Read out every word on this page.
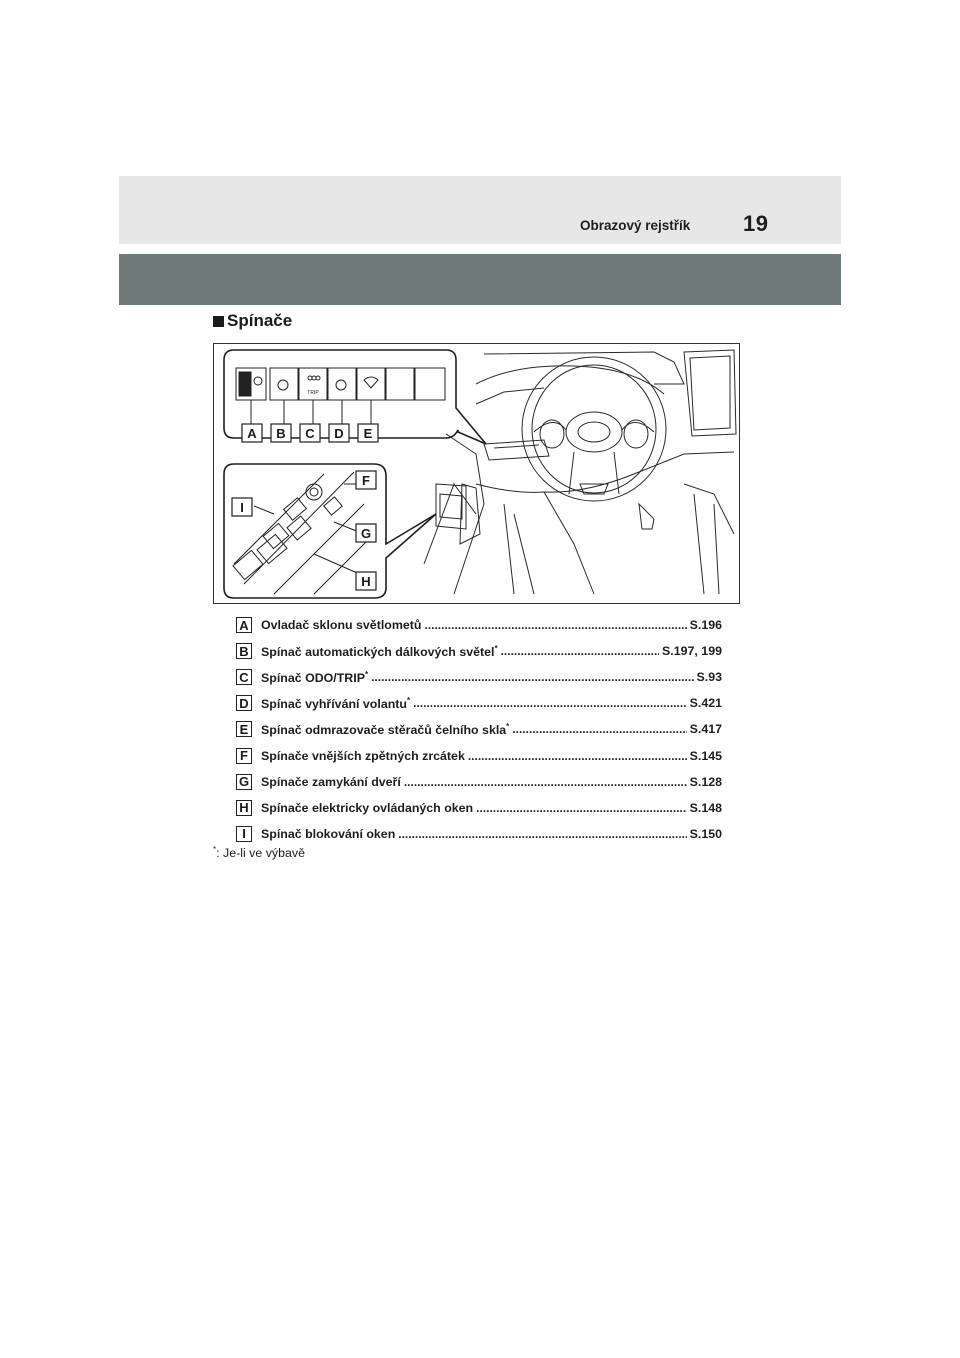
Obrazový rejstřík 19
Spínače
TRIP
A B C D E
F
G
H
I
A Ovladač sklonu světlometů .....	S.196
B Spínač automatických dálkových světel* .....	S.197, 199
C Spínač ODO/TRIP* .....	S.93
D Spínač vyhřívání volantu* .....	S.421
E Spínač odmrazovače stěračů čelního skla* .....	S.417
F	Spínače vnějších zpětných zrcátek .....	S.145
G Spínače zamykání dveří .....	S.128
H Spínače elektricky ovládaných oken .....	S.148
I	Spínač blokování oken .....	S.150
*: Je-li ve výbavě
